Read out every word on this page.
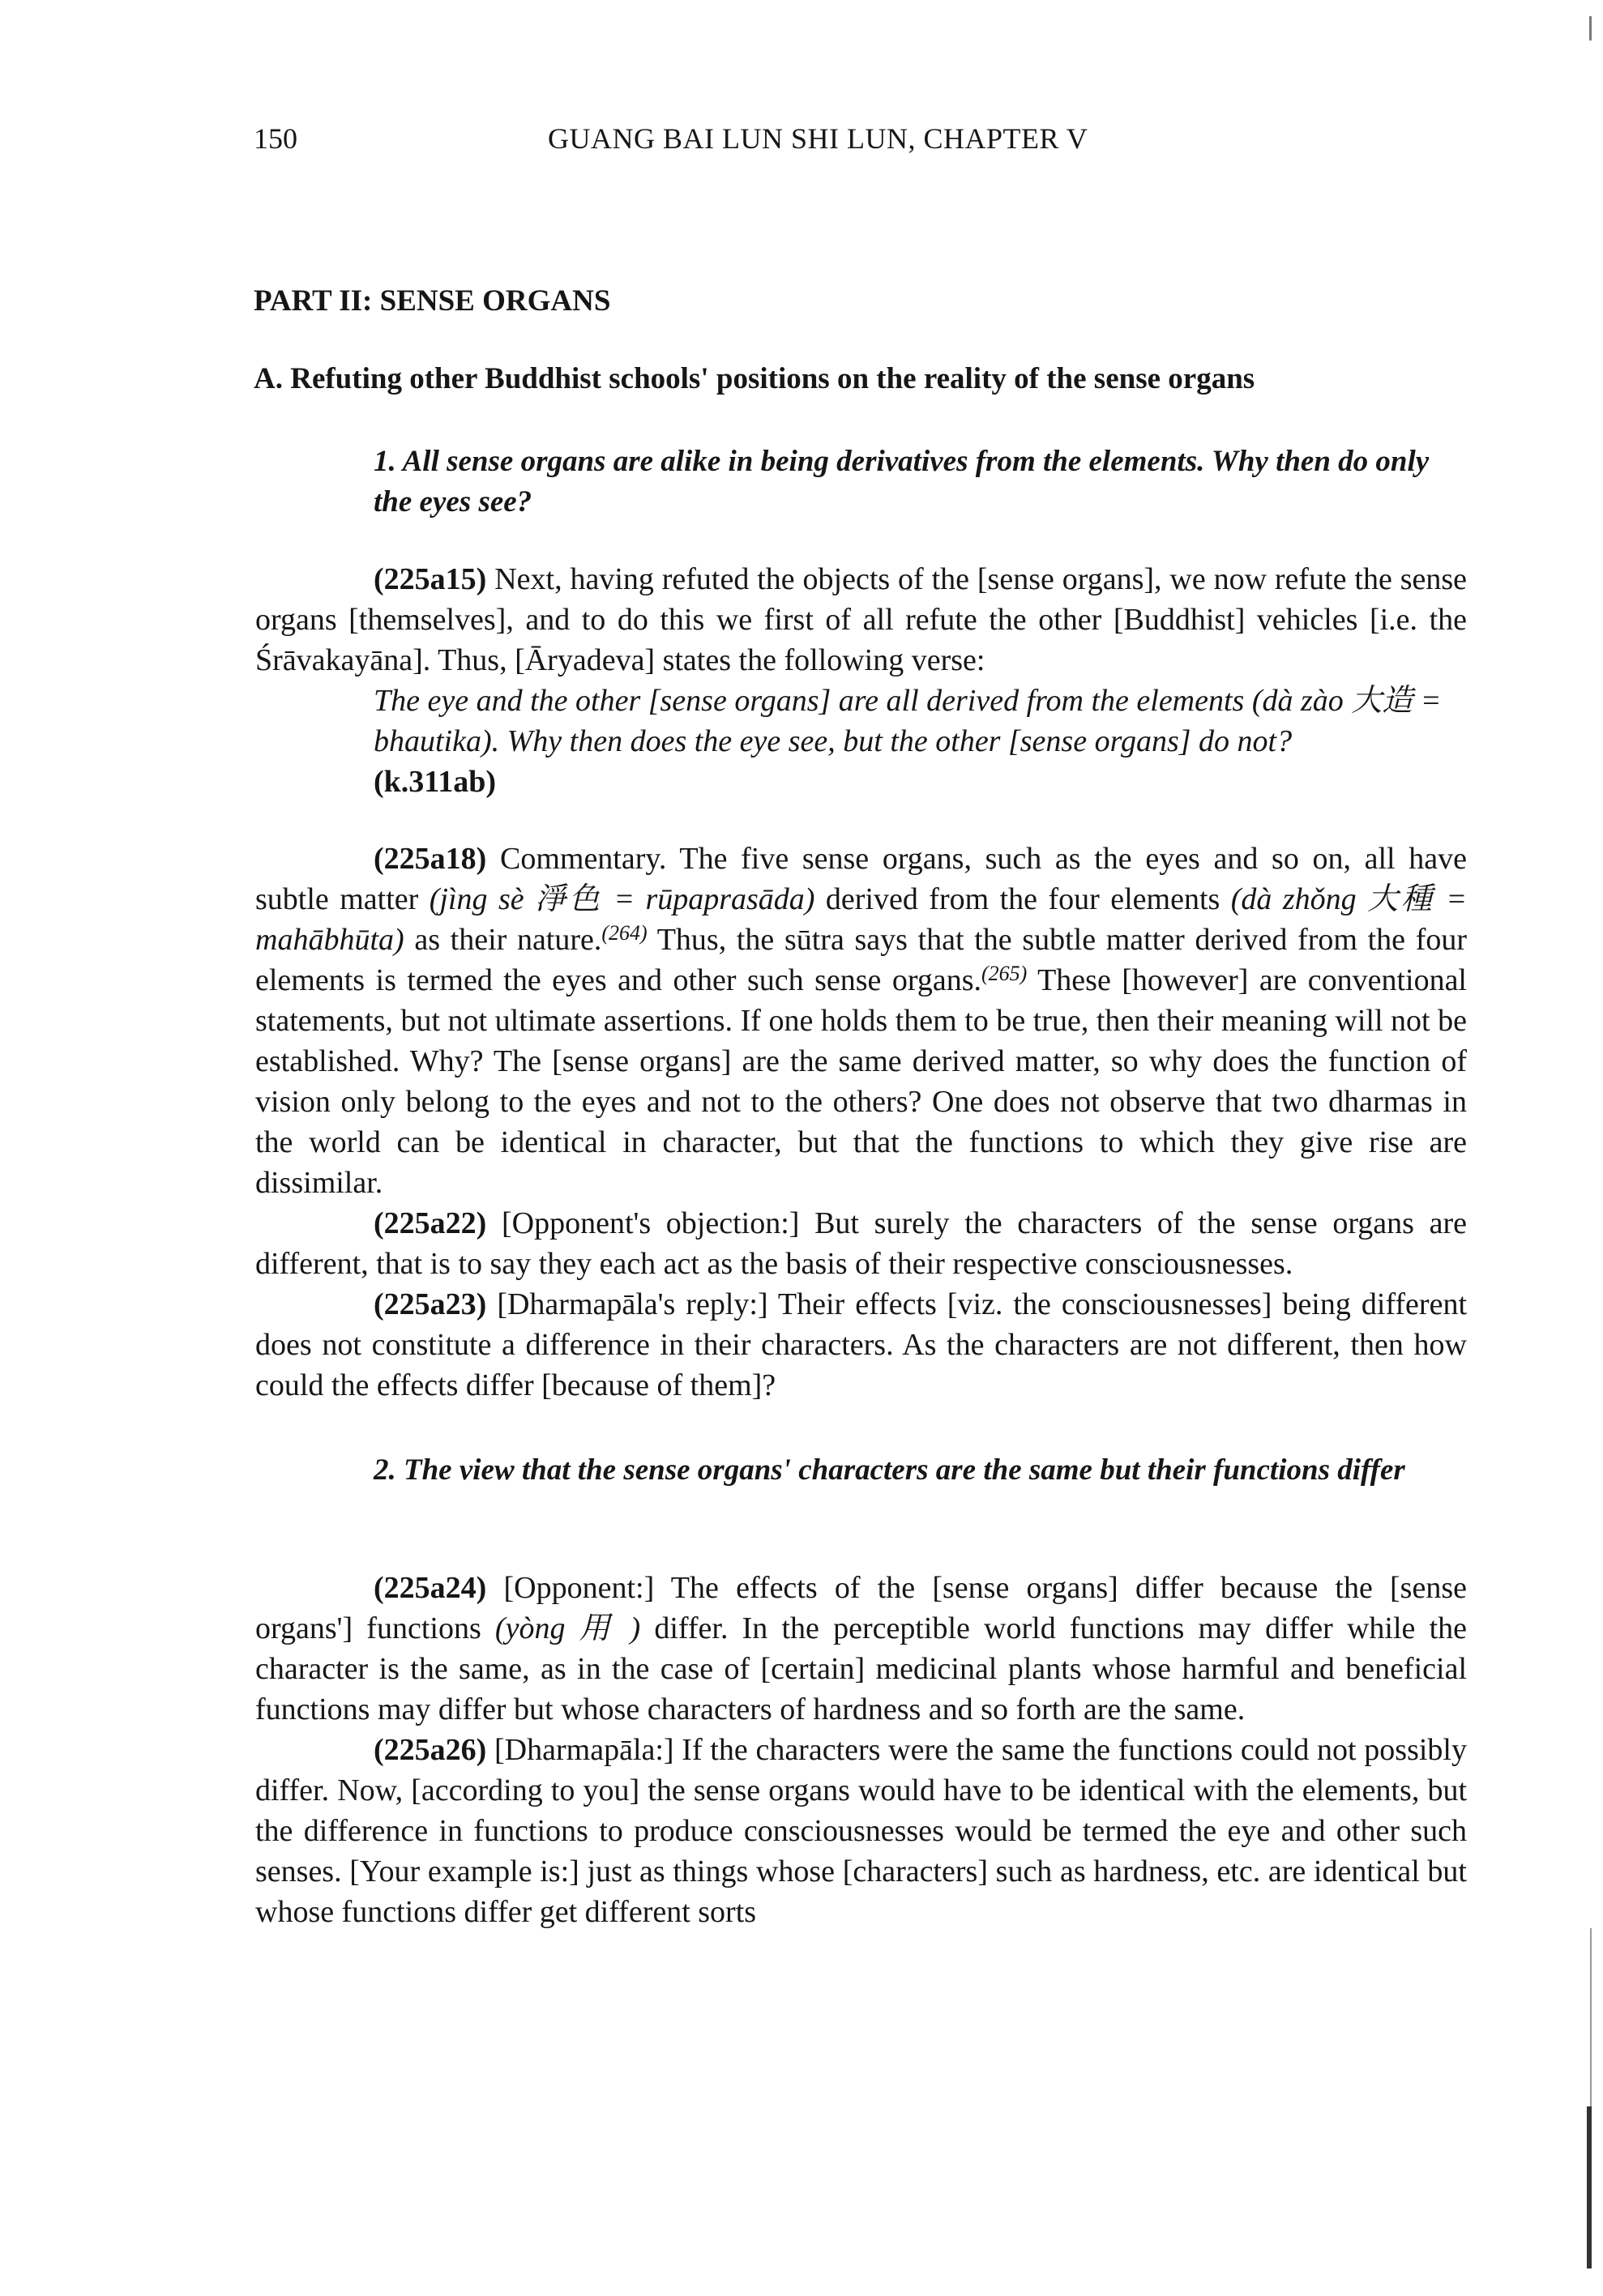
150	GUANG BAI LUN SHI LUN, CHAPTER V
PART II: SENSE ORGANS
A. Refuting other Buddhist schools' positions on the reality of the sense organs
1. All sense organs are alike in being derivatives from the elements. Why then do only the eyes see?

(225a15) Next, having refuted the objects of the [sense organs], we now refute the sense organs [themselves], and to do this we first of all refute the other [Buddhist] vehicles [i.e. the Śrāvakayāna]. Thus, [Āryadeva] states the following verse:

The eye and the other [sense organs] are all derived from the elements (dà zào 大造 = bhautika). Why then does the eye see, but the other [sense organs] do not?

(k.311ab)

(225a18) Commentary. The five sense organs, such as the eyes and so on, all have subtle matter (jìng sè 淨色 = rūpaprasāda) derived from the four elements (dà zhǒng 大種 = mahābhūta) as their nature.$^{(264)}$ Thus, the sūtra says that the subtle matter derived from the four elements is termed the eyes and other such sense organs.$^{(265)}$ These [however] are conventional statements, but not ultimate assertions. If one holds them to be true, then their meaning will not be established. Why? The [sense organs] are the same derived matter, so why does the function of vision only belong to the eyes and not to the others? One does not observe that two dharmas in the world can be identical in character, but that the functions to which they give rise are dissimilar.

(225a22) [Opponent's objection:] But surely the characters of the sense organs are different, that is to say they each act as the basis of their respective consciousnesses.

(225a23) [Dharmapāla's reply:] Their effects [viz. the consciousnesses] being different does not constitute a difference in their characters. As the characters are not different, then how could the effects differ [because of them]?

2. The view that the sense organs' characters are the same but their functions differ

(225a24) [Opponent:] The effects of the [sense organs] differ because the [sense organs'] functions (yòng 用 ) differ. In the perceptible world functions may differ while the character is the same, as in the case of [certain] medicinal plants whose harmful and beneficial functions may differ but whose characters of hardness and so forth are the same.

(225a26) [Dharmapāla:] If the characters were the same the functions could not possibly differ. Now, [according to you] the sense organs would have to be identical with the elements, but the difference in functions to produce consciousnesses would be termed the eye and other such senses. [Your example is:] just as things whose [characters] such as hardness, etc. are identical but whose functions differ get different sorts
